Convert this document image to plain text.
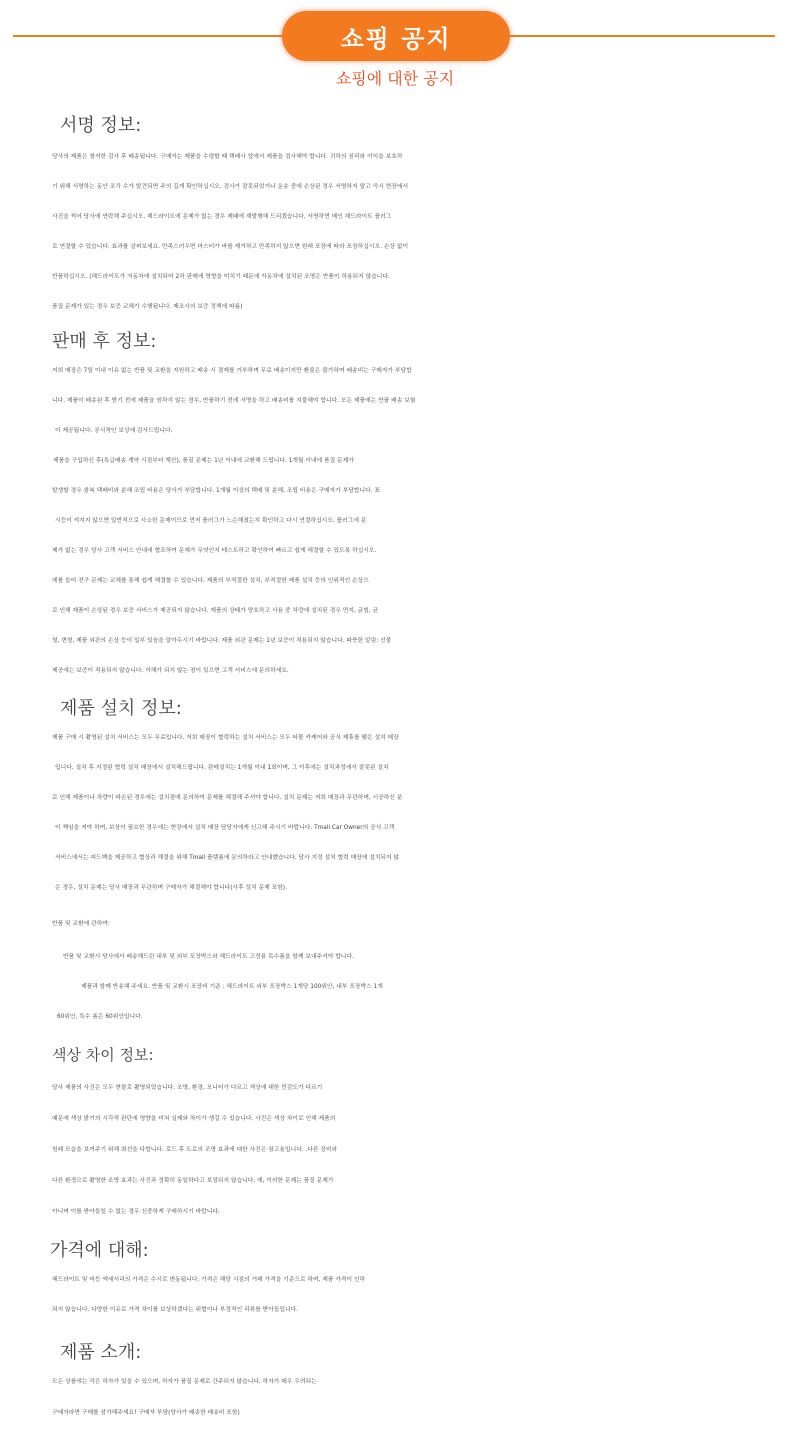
쇼핑 공지
쇼핑에 대한 공지
서명 정보:

당사의 제품은 철저한 검사 후 배송됩니다. 구매자는 제품을 수령할 때 택배사 앞에서 제품을 검사해야 합니다. 귀하의 권리와 이익을 보호하

기 위해 서명하는 동안 조각 수가 발견되면 주의 깊게 확인하십시오. 검사가 잘못되었거나 운송 중에 손상된 경우 서명하지 말고 즉시 현장에서

사진을 찍어 당사에 연락해 주십시오. 헤드라이트에 문제가 없는 경우 제때에 재발행해 드리겠습니다. 서명하면 메인 헤드라이트 플러그

로 연결할 수 있습니다. 효과를 살펴보세요. 만족스러우면 마스터가 바를 제거하고 만족하지 않으면 원래 포장에 따라 포장하십시오. 손상 없이

반품하십시오. (헤드라이트가 자동차에 설치되어 2차 판매에 영향을 미치기 때문에 자동차에 설치된 조명은 반품이 허용되지 않습니다.

품질 문제가 있는 경우 보증 교체가 수행됩니다. 제조사의 보증 정책에 따름)

판매 후 정보:

저희 매장은 7일 이내 이유 없는 반품 및 교환을 지원하고 배송 시 결제를 거부하며 무료 배송이지만 환불은 불가하며 배송비는 구매자가 부담합

니다. 제품이 배송된 후 받기 전에 제품을 원하지 않는 경우, 반품하기 전에 서명을 하고 배송비를 지불해야 합니다. 모든 제품에는 반품 배송 보험

이 제공됩니다. 공식적인 보상에 감사드립니다.

제품을 구입하신 후(특급배송 계약 시점부터 계산), 품질 문제는 1년 이내에 교환해 드립니다. 1개월 이내에 품질 문제가

발생할 경우 왕복 택배비와 분해 조립 비용은 당사가 부담합니다. 1개월 이상의 택배 및 분해, 조립 비용은 구매자가 부담합니다. 표

시등이 켜지지 않으면 일반적으로 사소한 문제이므로 먼저 플러그가 느슨해졌는지 확인하고 다시 연결하십시오. 플러그에 문

제가 없는 경우 당사 고객 서비스 안내에 협조하여 문제가 무엇인지 테스트하고 확인하여 빠르고 쉽게 해결할 수 있도록 하십시오.

예를 들어 전구 문제는 교체를 통해 쉽게 해결할 수 있습니다. 제품의 부적절한 설치, 부적절한 제품 설치 등의 인위적인 손상으

로 인해 제품이 손상된 경우 보증 서비스가 제공되지 않습니다. 제품의 상태가 양호하고 사용 중 차량에 설치된 경우 먼지, 긁힘, 균

열, 변형, 제품 외관의 손상 등이 일부 있음을 알아두시기 바랍니다. 제품 외관 문제는 1년 보증이 적용되지 않습니다. 따뜻한 알림: 선물

제공에는 보증이 적용되지 않습니다. 이해가 되지 않는 점이 있으면 고객 서비스에 문의하세요.

제품 설치 정보:

제품 구매 시 촬영된 설치 서비스는 모두 무료입니다. 저희 매장이 협력하는 설치 서비스는 모두 티몰 카케어와 공식 제휴를 맺은 설치 매장

입니다. 설치 후 지정된 협력 설치 매장에서 설치해드립니다. 판매설치는 1개월 이내 1회이며, 그 이후에는 설치과정에서 잘못된 설치

로 인해 제품이나 차량이 파손된 경우에는 설치점에 문의하여 문제를 해결해 주셔야 합니다. 설치 문제는 저희 매장과 무관하며, 시공하신 분

이 책임을 져야 하며, 보상이 필요한 경우에는 현장에서 설치 매장 담당자에게 신고해 주시기 바랍니다. Tmall Car Owner의 공식 고객

서비스에서는 피드백을 제공하고 협상과 해결을 위해 Tmall 플랫폼에 문의하라고 안내했습니다. 당사 지정 설치 협력 매장에 설치되지 않

은 경우, 설치 문제는 당사 매장과 무관하며 구매자가 해결해야 합니다(사후 설치 문제 포함).

반품 및 교환에 관하여:

반품 및 교환시 당사에서 배송해드린 내부 및 외부 포장박스와 헤드라이트 고정용 특수폼을 함께 보내주셔야 합니다.

제품과 함께 반송해 주세요. 반품 및 교환시 포장비 기준 : 헤드라이트 외부 포장박스 1개당 100위안, 내부 포장박스 1개

60위안, 특수 폼은 60위안입니다.

색상 차이 정보:

당사 제품의 사진은 모두 현물로 촬영되었습니다. 조명, 환경, 모니터가 다르고 색상에 대한 민감도가 다르기

때문에 색상 밝기의 시각적 판단에 영향을 미쳐 실제와 차이가 생길 수 있습니다. 사진은 색상 차이로 인해 제품의

원래 모습을 보여주기 위해 최선을 다합니다. 로드 후 도로의 조명 효과에 대한 사진은 참고용입니다. .다른 장비와

다른 환경으로 촬영한 조명 효과는 사진과 정확히 동일하다고 보장되지 않습니다. 예, 이러한 문제는 품질 문제가

아니며 이를 받아들일 수 없는 경우 신중하게 구매하시기 바랍니다.

가격에 대해:

헤드라이트 및 미등 액세서리의 가격은 수시로 변동됩니다. 가격은 해당 시점의 거래 가격을 기준으로 하며, 제품 가격이 인하

되지 않습니다. 다양한 이유로 가격 차이를 보상하겠다는 위협이나 부정적인 리뷰를 받아들입니다.

제품 소개:

모든 상품에는 작은 하자가 있을 수 있으며, 하자가 품질 문제로 간주되지 않습니다. 하자가 매우 우려되는

구매자라면 구매를 삼가해주세요! 구매자 부담(당사가 배송한 배송비 포함)
